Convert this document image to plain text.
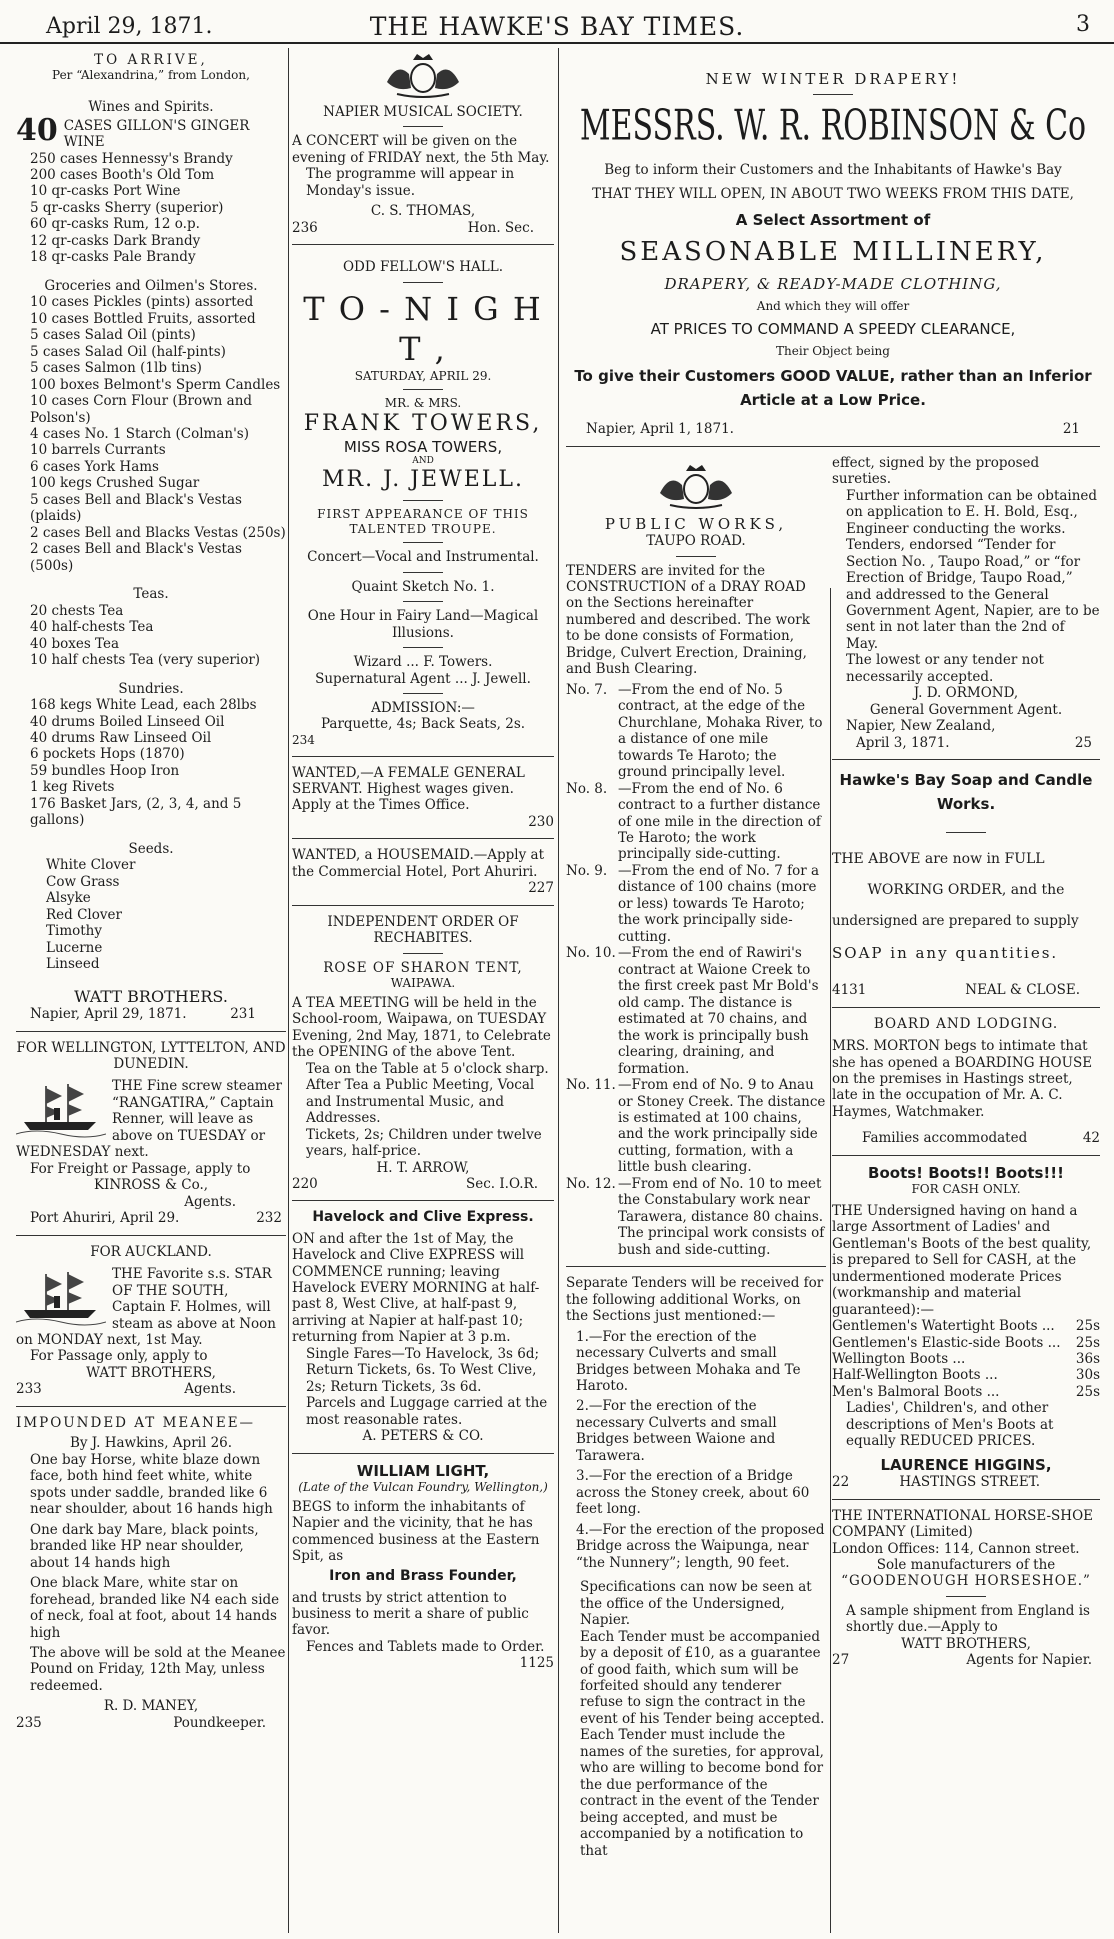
April 29, 1871.	THE HAWKE'S BAY TIMES.	3

TO ARRIVE,

Per “Alexandrina,” from London,

Wines and Spirits.

40 CASES GILLON'S GINGER WINE

250 cases Hennessy's Brandy

200 cases Booth's Old Tom

10 qr-casks Port Wine

5 qr-casks Sherry (superior)

60 qr-casks Rum, 12 o.p.

12 qr-casks Dark Brandy

18 qr-casks Pale Brandy

Groceries and Oilmen's Stores.

10 cases Pickles (pints) assorted

10 cases Bottled Fruits, assorted

5 cases Salad Oil (pints)

5 cases Salad Oil (half-pints)

5 cases Salmon (1lb tins)

100 boxes Belmont's Sperm Candles

10 cases Corn Flour (Brown and Polson's)

4 cases No. 1 Starch (Colman's)

10 barrels Currants

6 cases York Hams

100 kegs Crushed Sugar

5 cases Bell and Black's Vestas (plaids)

2 cases Bell and Blacks Vestas (250s)

2 cases Bell and Black's Vestas (500s)

Teas.

20 chests Tea

40 half-chests Tea

40 boxes Tea

10 half chests Tea (very superior)

Sundries.

168 kegs White Lead, each 28lbs

40 drums Boiled Linseed Oil

40 drums Raw Linseed Oil

6 pockets Hops (1870)

59 bundles Hoop Iron

1 keg Rivets

176 Basket Jars, (2, 3, 4, and 5 gallons)

Seeds.

White Clover

Cow Grass

Alsyke

Red Clover

Timothy

Lucerne

Linseed

WATT BROTHERS.

Napier, April 29, 1871.	231

FOR WELLINGTON, LYTTELTON, AND DUNEDIN.

THE Fine screw steamer “RANGATIRA,” Captain Renner, will leave as above on TUESDAY or WEDNESDAY next.

For Freight or Passage, apply to

KINROSS & Co.,

Agents.

Port Ahuriri, April 29.	232

FOR AUCKLAND.

THE Favorite s.s. STAR OF THE SOUTH, Captain F. Holmes, will steam as above at Noon on MONDAY next, 1st May.

For Passage only, apply to

WATT BROTHERS,

233	Agents.

IMPOUNDED AT MEANEE—

By J. Hawkins, April 26.

One bay Horse, white blaze down face, both hind feet white, white spots under saddle, branded like 6 near shoulder, about 16 hands high

One dark bay Mare, black points, branded like HP near shoulder, about 14 hands high

One black Mare, white star on forehead, branded like N4 each side of neck, foal at foot, about 14 hands high

The above will be sold at the Meanee Pound on Friday, 12th May, unless redeemed.

R. D. MANEY,

235	Poundkeeper.

NAPIER MUSICAL SOCIETY.

A CONCERT will be given on the evening of FRIDAY next, the 5th May.

The programme will appear in Monday's issue.

C. S. THOMAS,

236	Hon. Sec.

ODD FELLOW'S HALL.

T O - N I G H T ,

SATURDAY, APRIL 29.

MR. & MRS.

FRANK TOWERS,

MISS ROSA TOWERS,

AND

MR. J. JEWELL.

FIRST APPEARANCE OF THIS TALENTED TROUPE.

Concert—Vocal and Instrumental.

Quaint Sketch No. 1.

One Hour in Fairy Land—Magical Illusions.

Wizard ... F. Towers.

Supernatural Agent ... J. Jewell.

ADMISSION:—

Parquette, 4s; Back Seats, 2s.

234

WANTED,—A FEMALE GENERAL SERVANT. Highest wages given. Apply at the Times Office.

230

WANTED, a HOUSEMAID.—Apply at the Commercial Hotel, Port Ahuriri.

227

INDEPENDENT ORDER OF RECHABITES.

ROSE OF SHARON TENT,

WAIPAWA.

A TEA MEETING will be held in the School-room, Waipawa, on TUESDAY Evening, 2nd May, 1871, to Celebrate the OPENING of the above Tent.

Tea on the Table at 5 o'clock sharp. After Tea a Public Meeting, Vocal and Instrumental Music, and Addresses.

Tickets, 2s; Children under twelve years, half-price.

H. T. ARROW,

220	Sec. I.O.R.

Havelock and Clive Express.

ON and after the 1st of May, the Havelock and Clive EXPRESS will COMMENCE running; leaving Havelock EVERY MORNING at half-past 8, West Clive, at half-past 9, arriving at Napier at half-past 10; returning from Napier at 3 p.m.

Single Fares—To Havelock, 3s 6d; Return Tickets, 6s. To West Clive, 2s; Return Tickets, 3s 6d.

Parcels and Luggage carried at the most reasonable rates.

A. PETERS & CO.

WILLIAM LIGHT,

(Late of the Vulcan Foundry, Wellington,)

BEGS to inform the inhabitants of Napier and the vicinity, that he has commenced business at the Eastern Spit, as

Iron and Brass Founder,

and trusts by strict attention to business to merit a share of public favor.

Fences and Tablets made to Order.

1125

NEW WINTER DRAPERY!

MESSRS. W. R. ROBINSON & Co

Beg to inform their Customers and the Inhabitants of Hawke's Bay

THAT THEY WILL OPEN, IN ABOUT TWO WEEKS FROM THIS DATE,

A Select Assortment of

SEASONABLE MILLINERY,

DRAPERY, & READY-MADE CLOTHING,

And which they will offer

AT PRICES TO COMMAND A SPEEDY CLEARANCE,

Their Object being

To give their Customers GOOD VALUE, rather than an Inferior

Article at a Low Price.

Napier, April 1, 1871.	21

PUBLIC WORKS,

TAUPO ROAD.

TENDERS are invited for the CONSTRUCTION of a DRAY ROAD on the Sections hereinafter numbered and described. The work to be done consists of Formation, Bridge, Culvert Erection, Draining, and Bush Clearing.

No. 7. —From the end of No. 5 contract, at the edge of the Churchlane, Mohaka River, to a distance of one mile towards Te Haroto; the ground principally level.
No. 8. —From the end of No. 6 contract to a further distance of one mile in the direction of Te Haroto; the work principally side-cutting.
No. 9. —From the end of No. 7 for a distance of 100 chains (more or less) towards Te Haroto; the work principally side-cutting.
No. 10. —From the end of Rawiri's contract at Waione Creek to the first creek past Mr Bold's old camp. The distance is estimated at 70 chains, and the work is principally bush clearing, draining, and formation.
No. 11. —From end of No. 9 to Anau or Stoney Creek. The distance is estimated at 100 chains, and the work principally side cutting, formation, with a little bush clearing.
No. 12. —From end of No. 10 to meet the Constabulary work near Tarawera, distance 80 chains. The principal work consists of bush and side-cutting.

Separate Tenders will be received for the following additional Works, on the Sections just mentioned:—

1.—For the erection of the necessary Culverts and small Bridges between Mohaka and Te Haroto.

2.—For the erection of the necessary Culverts and small Bridges between Waione and Tarawera.

3.—For the erection of a Bridge across the Stoney creek, about 60 feet long.

4.—For the erection of the proposed Bridge across the Waipunga, near “the Nunnery”; length, 90 feet.

Specifications can now be seen at the office of the Undersigned, Napier.

Each Tender must be accompanied by a deposit of £10, as a guarantee of good faith, which sum will be forfeited should any tenderer refuse to sign the contract in the event of his Tender being accepted.

Each Tender must include the names of the sureties, for approval, who are willing to become bond for the due performance of the contract in the event of the Tender being accepted, and must be accompanied by a notification to that

effect, signed by the proposed sureties.

Further information can be obtained on application to E. H. Bold, Esq., Engineer conducting the works.

Tenders, endorsed “Tender for Section No. , Taupo Road,” or “for Erection of Bridge, Taupo Road,” and addressed to the General Government Agent, Napier, are to be sent in not later than the 2nd of May.

The lowest or any tender not necessarily accepted.

J. D. ORMOND,

General Government Agent.

Napier, New Zealand,

April 3, 1871.	25

Hawke's Bay Soap and Candle Works.

THE ABOVE are now in FULL

WORKING ORDER, and the

undersigned are prepared to supply

SOAP in any quantities.

4131	NEAL & CLOSE.

BOARD AND LODGING.

MRS. MORTON begs to intimate that she has opened a BOARDING HOUSE on the premises in Hastings street, late in the occupation of Mr. A. C. Haymes, Watchmaker.

Families accommodated	42

Boots! Boots!! Boots!!!

FOR CASH ONLY.

THE Undersigned having on hand a large Assortment of Ladies' and Gentleman's Boots of the best quality, is prepared to Sell for CASH, at the undermentioned moderate Prices (workmanship and material guaranteed):—

Gentlemen's Watertight Boots ... 25s
Gentlemen's Elastic-side Boots ... 25s
Wellington Boots ...	36s
Half-Wellington Boots ...	30s
Men's Balmoral Boots ...	25s

Ladies', Children's, and other descriptions of Men's Boots at equally REDUCED PRICES.

LAURENCE HIGGINS,

22	HASTINGS STREET.

THE INTERNATIONAL HORSE-SHOE COMPANY (Limited)

London Offices: 114, Cannon street.

Sole manufacturers of the

“GOODENOUGH HORSESHOE.”

A sample shipment from England is shortly due.—Apply to

WATT BROTHERS,

27	Agents for Napier.
